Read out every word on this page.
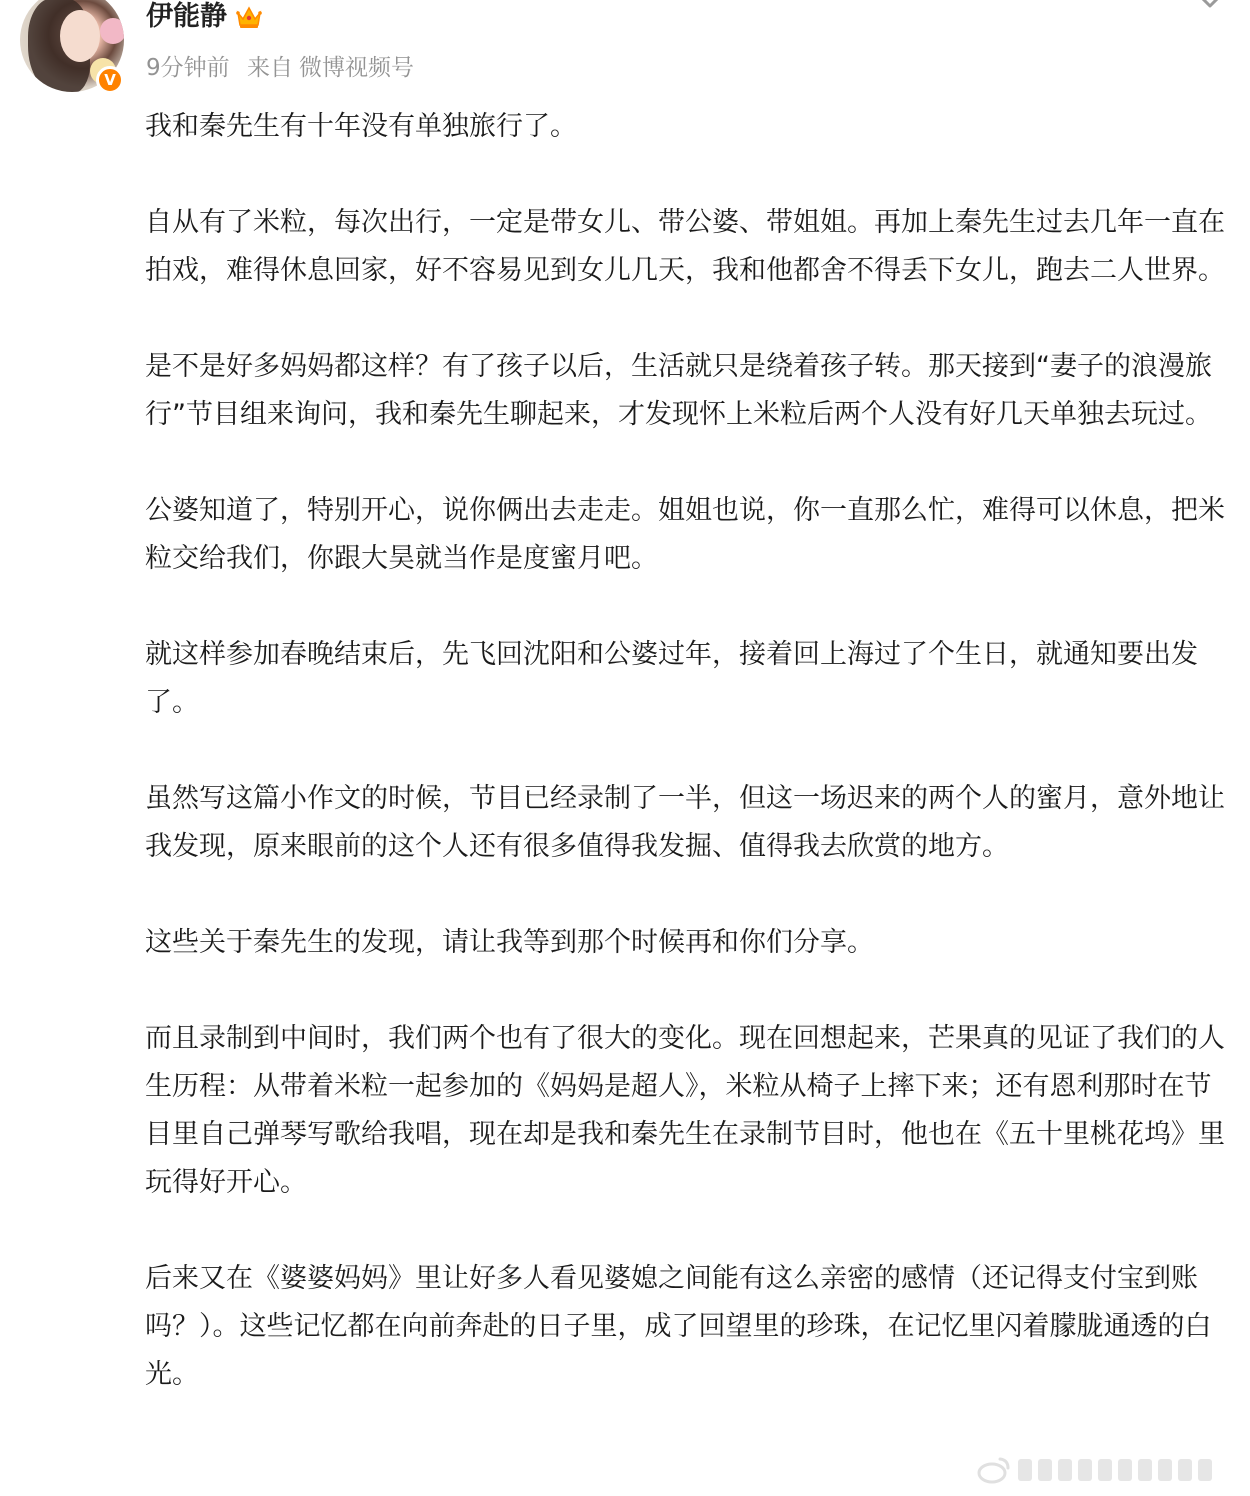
V
伊能静
9分钟前 来自 微博视频号

我和秦先生有十年没有单独旅行了。

自从有了米粒，每次出行，一定是带女儿、带公婆、带姐姐。再加上秦先生过去几年一直在拍戏，难得休息回家，好不容易见到女儿几天，我和他都舍不得丢下女儿，跑去二人世界。

是不是好多妈妈都这样？有了孩子以后，生活就只是绕着孩子转。那天接到“妻子的浪漫旅行”节目组来询问，我和秦先生聊起来，才发现怀上米粒后两个人没有好几天单独去玩过。

公婆知道了，特别开心，说你俩出去走走。姐姐也说，你一直那么忙，难得可以休息，把米粒交给我们，你跟大昊就当作是度蜜月吧。

就这样参加春晚结束后，先飞回沈阳和公婆过年，接着回上海过了个生日，就通知要出发了。

虽然写这篇小作文的时候，节目已经录制了一半，但这一场迟来的两个人的蜜月，意外地让我发现，原来眼前的这个人还有很多值得我发掘、值得我去欣赏的地方。

这些关于秦先生的发现，请让我等到那个时候再和你们分享。

而且录制到中间时，我们两个也有了很大的变化。现在回想起来，芒果真的见证了我们的人生历程：从带着米粒一起参加的《妈妈是超人》，米粒从椅子上摔下来；还有恩利那时在节目里自己弹琴写歌给我唱，现在却是我和秦先生在录制节目时，他也在《五十里桃花坞》里玩得好开心。

后来又在《婆婆妈妈》里让好多人看见婆媳之间能有这么亲密的感情（还记得支付宝到账吗？）。这些记忆都在向前奔赴的日子里，成了回望里的珍珠，在记忆里闪着朦胧通透的白光。
